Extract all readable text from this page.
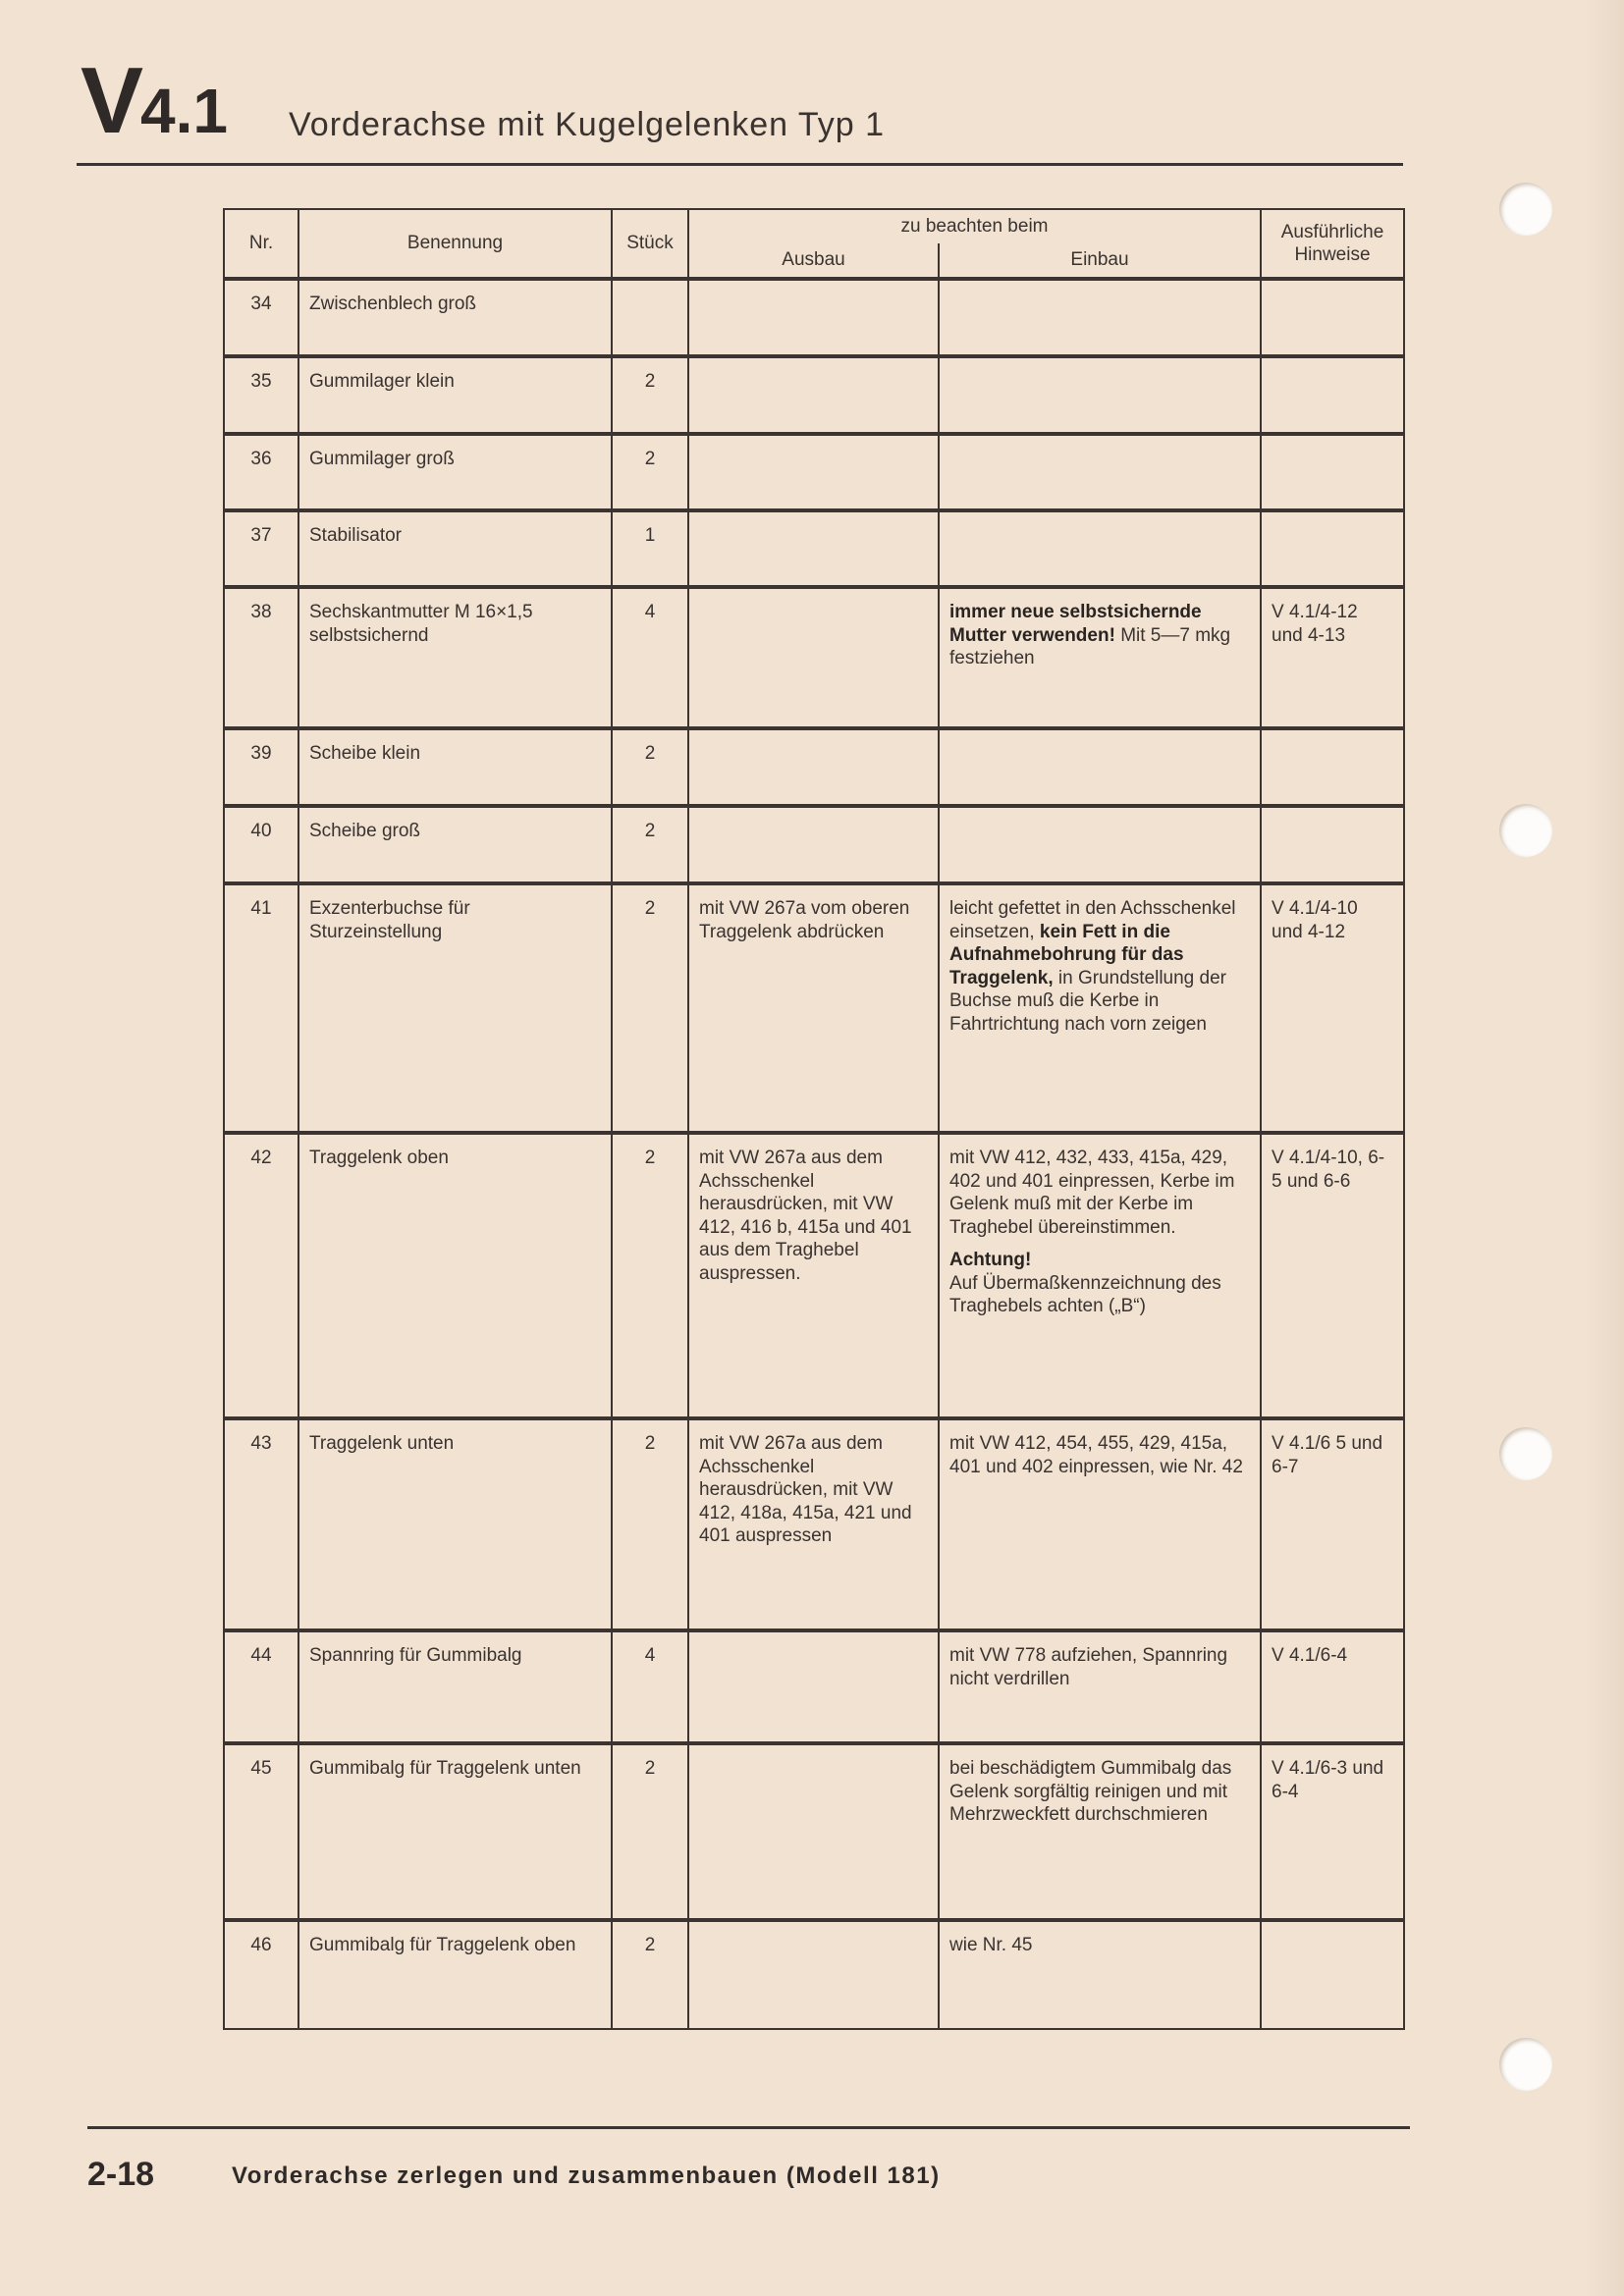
V4.1 Vorderachse mit Kugelgelenken Typ 1
Nr.	Benennung	Stück	zu beachten beim		Ausführliche Hinweise
			Ausbau	Einbau	
34	Zwischenblech groß				
35	Gummilager klein	2			
36	Gummilager groß	2			
37	Stabilisator	1			
38	Sechskantmutter M 16×1,5 selbstsichernd	4		immer neue selbstsichernde Mutter verwenden! Mit 5—7 mkg festziehen	V 4.1/4-12 und 4-13
39	Scheibe klein	2			
40	Scheibe groß	2			
41	Exzenterbuchse für Sturzeinstellung	2	mit VW 267a vom oberen Traggelenk abdrücken	leicht gefettet in den Achsschenkel einsetzen, kein Fett in die Aufnahmebohrung für das Traggelenk, in Grundstellung der Buchse muß die Kerbe in Fahrtrichtung nach vorn zeigen	V 4.1/4-10 und 4-12
42	Traggelenk oben	2	mit VW 267a aus dem Achsschenkel herausdrücken, mit VW 412, 416 b, 415a und 401 aus dem Traghebel auspressen.	mit VW 412, 432, 433, 415a, 429, 402 und 401 einpressen, Kerbe im Gelenk muß mit der Kerbe im Traghebel übereinstimmen.
Achtung!
Auf Übermaßkennzeichnung des Traghebels achten („B“)	V 4.1/4-10, 6-5 und 6-6
43	Traggelenk unten	2	mit VW 267a aus dem Achsschenkel herausdrücken, mit VW 412, 418a, 415a, 421 und 401 auspressen	mit VW 412, 454, 455, 429, 415a, 401 und 402 einpressen, wie Nr. 42	V 4.1/6 5 und 6-7
44	Spannring für Gummibalg	4		mit VW 778 aufziehen, Spannring nicht verdrillen	V 4.1/6-4
45	Gummibalg für Traggelenk unten	2		bei beschädigtem Gummibalg das Gelenk sorgfältig reinigen und mit Mehrzweckfett durchschmieren	V 4.1/6-3 und 6-4
46	Gummibalg für Traggelenk oben	2		wie Nr. 45	
2-18	Vorderachse zerlegen und zusammenbauen (Modell 181)
